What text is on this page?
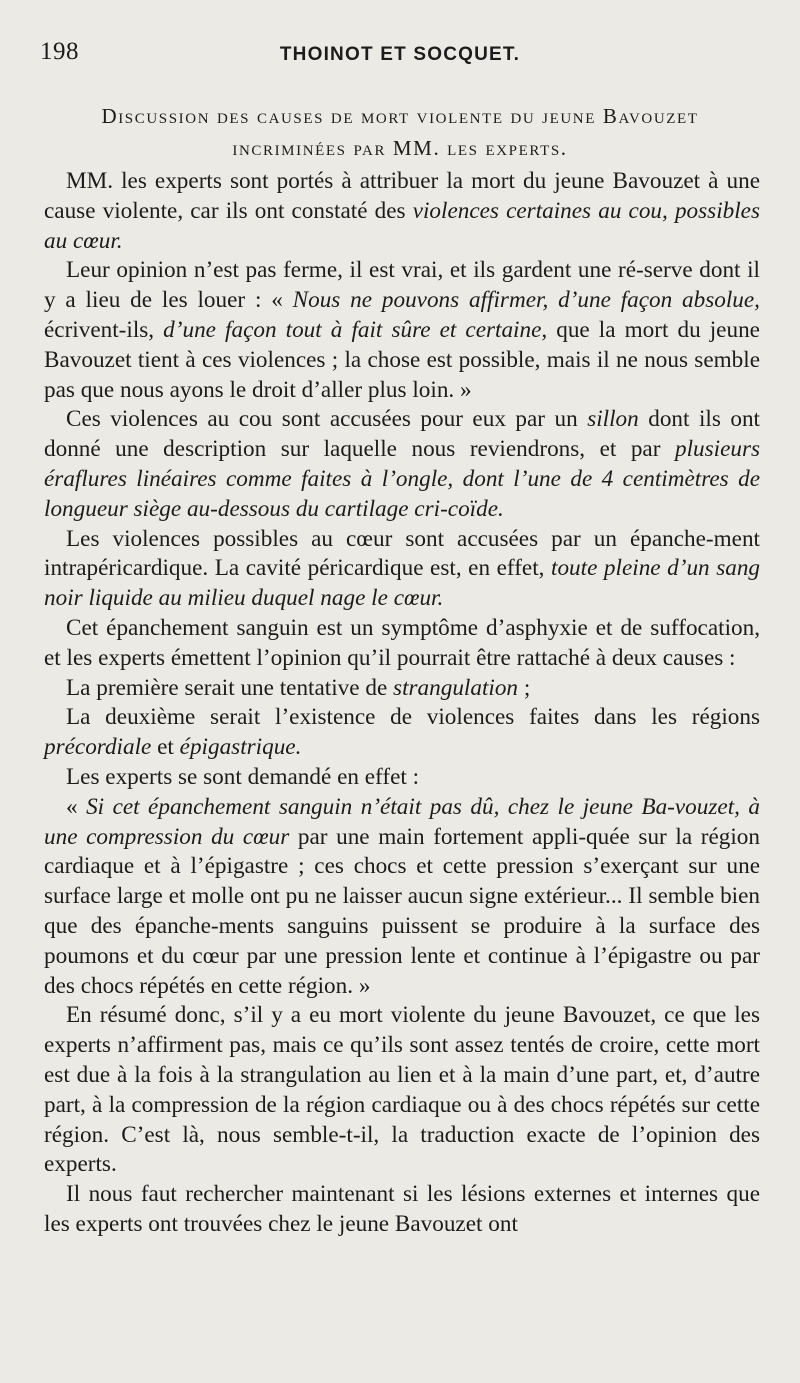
198	THOINOT ET SOCQUET.
Discussion des causes de mort violente du jeune Bavouzet
incriminées par MM. les experts.

MM. les experts sont portés à attribuer la mort du jeune Bavouzet à une cause violente, car ils ont constaté des violences certaines au cou, possibles au cœur.

Leur opinion n’est pas ferme, il est vrai, et ils gardent une ré-serve dont il y a lieu de les louer : « Nous ne pouvons affirmer, d’une façon absolue, écrivent-ils, d’une façon tout à fait sûre et certaine, que la mort du jeune Bavouzet tient à ces violences ; la chose est possible, mais il ne nous semble pas que nous ayons le droit d’aller plus loin. »

Ces violences au cou sont accusées pour eux par un sillon dont ils ont donné une description sur laquelle nous reviendrons, et par plusieurs éraflures linéaires comme faites à l’ongle, dont l’une de 4 centimètres de longueur siège au-dessous du cartilage cri-coïde.

Les violences possibles au cœur sont accusées par un épanche-ment intrapéricardique. La cavité péricardique est, en effet, toute pleine d’un sang noir liquide au milieu duquel nage le cœur.

Cet épanchement sanguin est un symptôme d’asphyxie et de suffocation, et les experts émettent l’opinion qu’il pourrait être rattaché à deux causes :

La première serait une tentative de strangulation ;

La deuxième serait l’existence de violences faites dans les régions précordiale et épigastrique.

Les experts se sont demandé en effet :

« Si cet épanchement sanguin n’était pas dû, chez le jeune Ba-vouzet, à une compression du cœur par une main fortement appli-quée sur la région cardiaque et à l’épigastre ; ces chocs et cette pression s’exerçant sur une surface large et molle ont pu ne laisser aucun signe extérieur... Il semble bien que des épanche-ments sanguins puissent se produire à la surface des poumons et du cœur par une pression lente et continue à l’épigastre ou par des chocs répétés en cette région. »

En résumé donc, s’il y a eu mort violente du jeune Bavouzet, ce que les experts n’affirment pas, mais ce qu’ils sont assez tentés de croire, cette mort est due à la fois à la strangulation au lien et à la main d’une part, et, d’autre part, à la compression de la région cardiaque ou à des chocs répétés sur cette région. C’est là, nous semble-t-il, la traduction exacte de l’opinion des experts.

Il nous faut rechercher maintenant si les lésions externes et internes que les experts ont trouvées chez le jeune Bavouzet ont
